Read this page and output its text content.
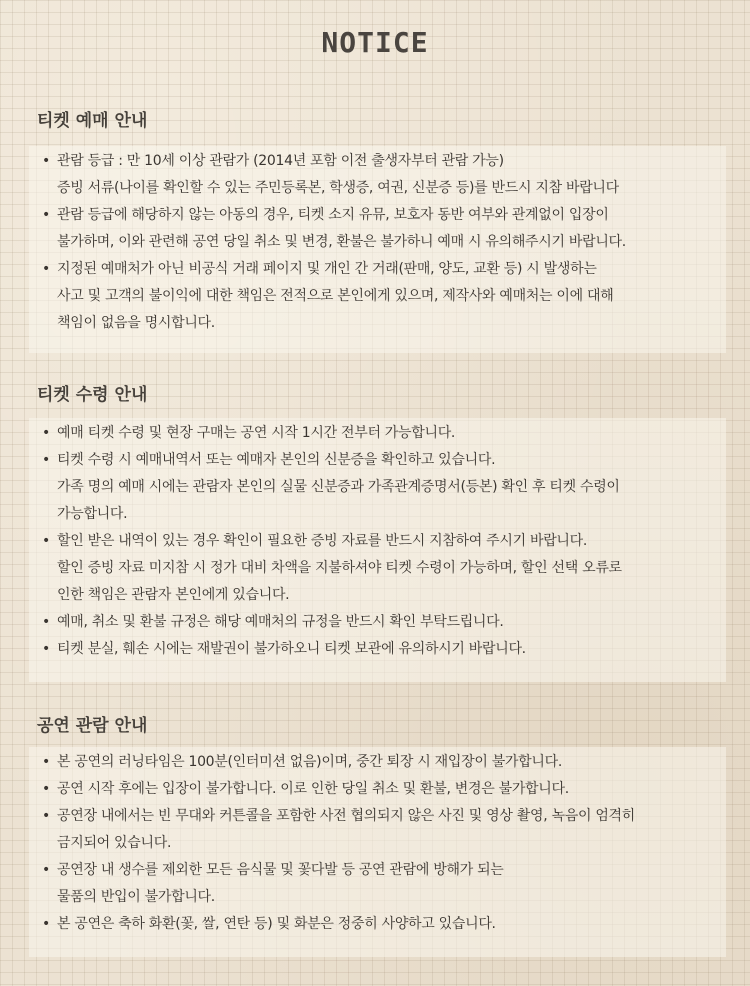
NOTICE
티켓 예매 안내
• 관람 등급 : 만 10세 이상 관람가 (2014년 포함 이전 출생자부터 관람 가능)
증빙 서류(나이를 확인할 수 있는 주민등록본, 학생증, 여권, 신분증 등)를 반드시 지참 바랍니다
• 관람 등급에 해당하지 않는 아동의 경우, 티켓 소지 유뮤, 보호자 동반 여부와 관계없이 입장이
불가하며, 이와 관련해 공연 당일 취소 및 변경, 환불은 불가하니 예매 시 유의해주시기 바랍니다.
• 지정된 예매처가 아닌 비공식 거래 페이지 및 개인 간 거래(판매, 양도, 교환 등) 시 발생하는
사고 및 고객의 불이익에 대한 책임은 전적으로 본인에게 있으며, 제작사와 예매처는 이에 대해
책임이 없음을 명시합니다.
티켓 수령 안내
• 예매 티켓 수령 및 현장 구매는 공연 시작 1시간 전부터 가능합니다.
• 티켓 수령 시 예매내역서 또는 예매자 본인의 신분증을 확인하고 있습니다.
가족 명의 예매 시에는 관람자 본인의 실물 신분증과 가족관계증명서(등본) 확인 후 티켓 수령이
가능합니다.
• 할인 받은 내역이 있는 경우 확인이 필요한 증빙 자료를 반드시 지참하여 주시기 바랍니다.
할인 증빙 자료 미지참 시 정가 대비 차액을 지불하셔야 티켓 수령이 가능하며, 할인 선택 오류로
인한 책임은 관람자 본인에게 있습니다.
• 예매, 취소 및 환불 규정은 해당 예매처의 규정을 반드시 확인 부탁드립니다.
• 티켓 분실, 훼손 시에는 재발권이 불가하오니 티켓 보관에 유의하시기 바랍니다.
공연 관람 안내
• 본 공연의 러닝타임은 100분(인터미션 없음)이며, 중간 퇴장 시 재입장이 불가합니다.
• 공연 시작 후에는 입장이 불가합니다. 이로 인한 당일 취소 및 환불, 변경은 불가합니다.
• 공연장 내에서는 빈 무대와 커튼콜을 포함한 사전 협의되지 않은 사진 및 영상 촬영, 녹음이 엄격히
금지되어 있습니다.
• 공연장 내 생수를 제외한 모든 음식물 및 꽃다발 등 공연 관람에 방해가 되는
물품의 반입이 불가합니다.
• 본 공연은 축하 화환(꽃, 쌀, 연탄 등) 및 화분은 정중히 사양하고 있습니다.
